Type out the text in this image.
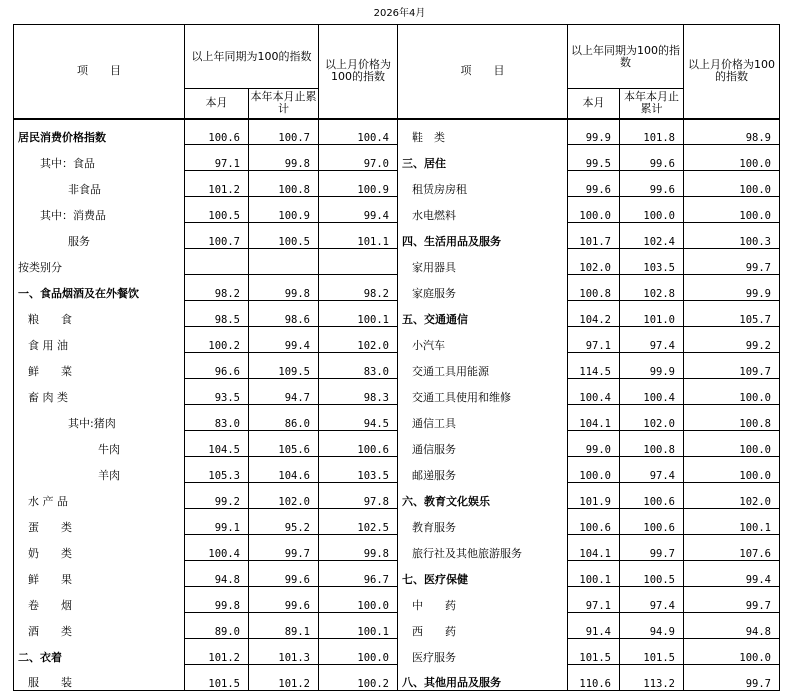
2026年4月
项　　目	以上年同期为100的指数		以上月价格为100的指数	项　　目	以上年同期为100的指数		以上月价格为100的指数
	本月	本年本月止累计			本月	本年本月止累计	
居民消费价格指数	100.6	100.7	100.4	鞋　类	99.9	101.8	98.9
其中：食品	97.1	99.8	97.0	三、居住	99.5	99.6	100.0
非食品	101.2	100.8	100.9	租赁房房租	99.6	99.6	100.0
其中：消费品	100.5	100.9	99.4	水电燃料	100.0	100.0	100.0
服务	100.7	100.5	101.1	四、生活用品及服务	101.7	102.4	100.3
按类别分				家用器具	102.0	103.5	99.7
一、食品烟酒及在外餐饮	98.2	99.8	98.2	家庭服务	100.8	102.8	99.9
粮　　食	98.5	98.6	100.1	五、交通通信	104.2	101.0	105.7
食 用 油	100.2	99.4	102.0	小汽车	97.1	97.4	99.2
鲜　　菜	96.6	109.5	83.0	交通工具用能源	114.5	99.9	109.7
畜 肉 类	93.5	94.7	98.3	交通工具使用和维修	100.4	100.4	100.0
其中:猪肉	83.0	86.0	94.5	通信工具	104.1	102.0	100.8
牛肉	104.5	105.6	100.6	通信服务	99.0	100.8	100.0
羊肉	105.3	104.6	103.5	邮递服务	100.0	97.4	100.0
水 产 品	99.2	102.0	97.8	六、教育文化娱乐	101.9	100.6	102.0
蛋　　类	99.1	95.2	102.5	教育服务	100.6	100.6	100.1
奶　　类	100.4	99.7	99.8	旅行社及其他旅游服务	104.1	99.7	107.6
鲜　　果	94.8	99.6	96.7	七、医疗保健	100.1	100.5	99.4
卷　　烟	99.8	99.6	100.0	中　　药	97.1	97.4	99.7
酒　　类	89.0	89.1	100.1	西　　药	91.4	94.9	94.8
二、衣着	101.2	101.3	100.0	医疗服务	101.5	101.5	100.0
服　　装	101.5	101.2	100.2	八、其他用品及服务	110.6	113.2	99.7
